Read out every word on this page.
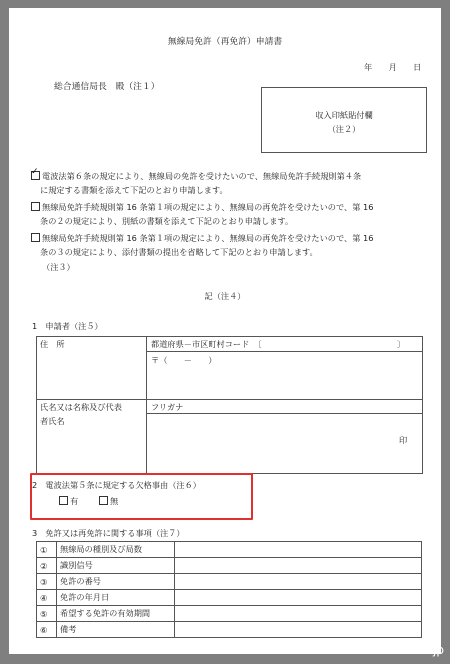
無線局免許（再免許）申請書
年　　月　　日
総合通信局長　殿（注１）
収入印紙貼付欄
（注２）
✓電波法第６条の規定により、無線局の免許を受けたいので、無線局免許手続規則第４条
に規定する書類を添えて下記のとおり申請します。
無線局免許手続規則第 16 条第１項の規定により、無線局の再免許を受けたいので、第 16
条の２の規定により、別紙の書類を添えて下記のとおり申請します。
無線局免許手続規則第 16 条第１項の規定により、無線局の再免許を受けたいので、第 16
条の３の規定により、添付書類の提出を省略して下記のとおり申請します。
（注３）
記（注４）
1　申請者（注５）
住　所	都道府県－市区町村コード　〔	〕
〒（　　－　　）
氏名又は名称及び代表
者氏名
フリガナ
印
2　電波法第５条に規定する欠格事由（注６）
有	無
3　免許又は再免許に関する事項（注７）
①	無線局の種別及び局数	
②	識別信号	
③	免許の番号	
④	免許の年月日	
⑤	希望する免許の有効期間	
⑥	備考	
hamlife.jp
